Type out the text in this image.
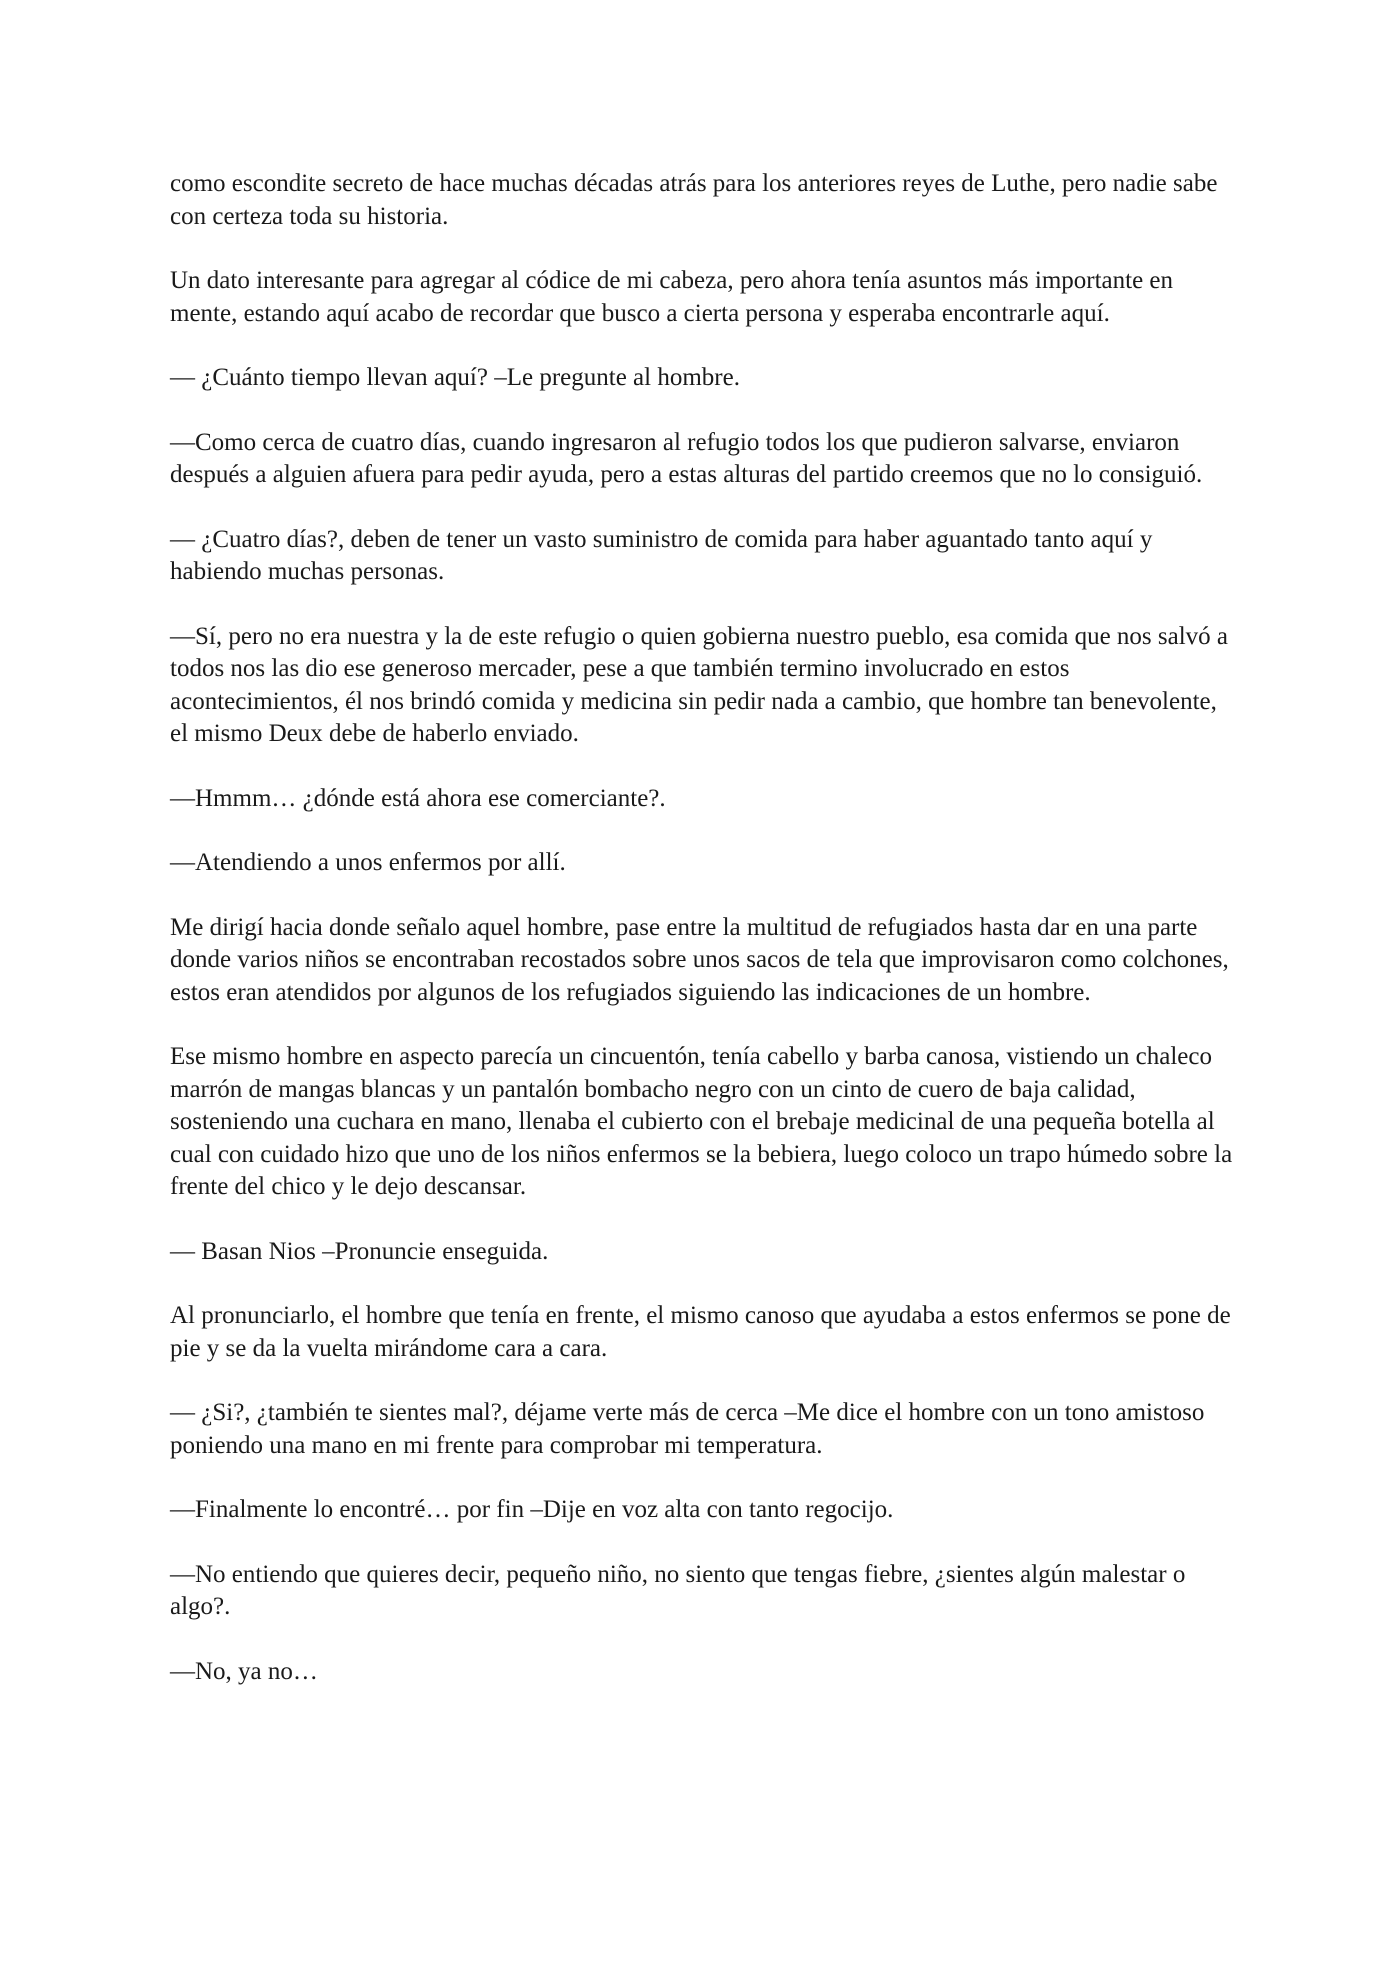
como escondite secreto de hace muchas décadas atrás para los anteriores reyes de Luthe, pero nadie sabe con certeza toda su historia.

Un dato interesante para agregar al códice de mi cabeza, pero ahora tenía asuntos más importante en mente, estando aquí acabo de recordar que busco a cierta persona y esperaba encontrarle aquí.

— ¿Cuánto tiempo llevan aquí? –Le pregunte al hombre.

—Como cerca de cuatro días, cuando ingresaron al refugio todos los que pudieron salvarse, enviaron después a alguien afuera para pedir ayuda, pero a estas alturas del partido creemos que no lo consiguió.

— ¿Cuatro días?, deben de tener un vasto suministro de comida para haber aguantado tanto aquí y habiendo muchas personas.

—Sí, pero no era nuestra y la de este refugio o quien gobierna nuestro pueblo, esa comida que nos salvó a todos nos las dio ese generoso mercader, pese a que también termino involucrado en estos acontecimientos, él nos brindó comida y medicina sin pedir nada a cambio, que hombre tan benevolente, el mismo Deux debe de haberlo enviado.

—Hmmm… ¿dónde está ahora ese comerciante?.

—Atendiendo a unos enfermos por allí.

Me dirigí hacia donde señalo aquel hombre, pase entre la multitud de refugiados hasta dar en una parte donde varios niños se encontraban recostados sobre unos sacos de tela que improvisaron como colchones, estos eran atendidos por algunos de los refugiados siguiendo las indicaciones de un hombre.

Ese mismo hombre en aspecto parecía un cincuentón, tenía cabello y barba canosa, vistiendo un chaleco marrón de mangas blancas y un pantalón bombacho negro con un cinto de cuero de baja calidad, sosteniendo una cuchara en mano, llenaba el cubierto con el brebaje medicinal de una pequeña botella al cual con cuidado hizo que uno de los niños enfermos se la bebiera, luego coloco un trapo húmedo sobre la frente del chico y le dejo descansar.

— Basan Nios –Pronuncie enseguida.

Al pronunciarlo, el hombre que tenía en frente, el mismo canoso que ayudaba a estos enfermos se pone de pie y se da la vuelta mirándome cara a cara.

— ¿Si?, ¿también te sientes mal?, déjame verte más de cerca –Me dice el hombre con un tono amistoso poniendo una mano en mi frente para comprobar mi temperatura.

—Finalmente lo encontré… por fin –Dije en voz alta con tanto regocijo.

—No entiendo que quieres decir, pequeño niño, no siento que tengas fiebre, ¿sientes algún malestar o algo?.

—No, ya no…
